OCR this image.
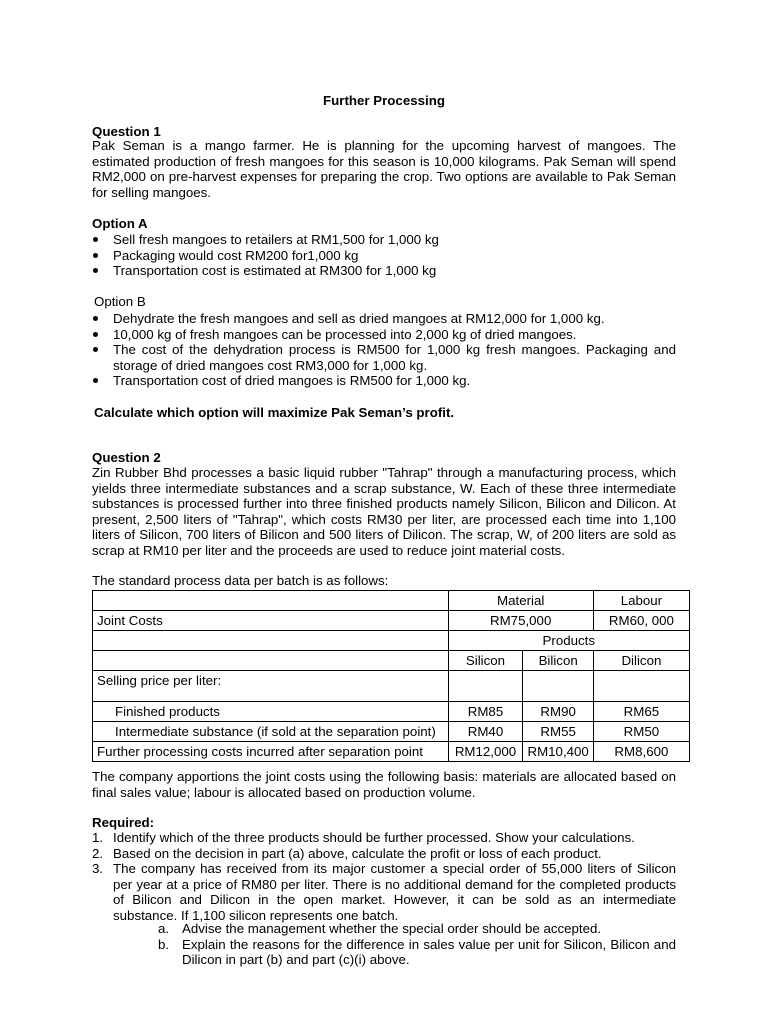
Further Processing
Question 1
Pak Seman is a mango farmer. He is planning for the upcoming harvest of mangoes. The estimated production of fresh mangoes for this season is 10,000 kilograms. Pak Seman will spend RM2,000 on pre-harvest expenses for preparing the crop. Two options are available to Pak Seman for selling mangoes.
Option A
Sell fresh mangoes to retailers at RM1,500 for 1,000 kg
Packaging would cost RM200 for1,000 kg
Transportation cost is estimated at RM300 for 1,000 kg
Option B
Dehydrate the fresh mangoes and sell as dried mangoes at RM12,000 for 1,000 kg.
10,000 kg of fresh mangoes can be processed into 2,000 kg of dried mangoes.
The cost of the dehydration process is RM500 for 1,000 kg fresh mangoes. Packaging and storage of dried mangoes cost RM3,000 for 1,000 kg.
Transportation cost of dried mangoes is RM500 for 1,000 kg.
Calculate which option will maximize Pak Seman’s profit.
Question 2
Zin Rubber Bhd processes a basic liquid rubber "Tahrap" through a manufacturing process, which yields three intermediate substances and a scrap substance, W. Each of these three intermediate substances is processed further into three finished products namely Silicon, Bilicon and Dilicon. At present, 2,500 liters of "Tahrap", which costs RM30 per liter, are processed each time into 1,100 liters of Silicon, 700 liters of Bilicon and 500 liters of Dilicon. The scrap, W, of 200 liters are sold as scrap at RM10 per liter and the proceeds are used to reduce joint material costs.
The standard process data per batch is as follows:
	Material		Labour
Joint Costs	RM75,000		RM60, 000
	Products		
	Silicon	Bilicon	Dilicon
Selling price per liter:			
Finished products	RM85	RM90	RM65
Intermediate substance (if sold at the separation point)	RM40	RM55	RM50
Further processing costs incurred after separation point	RM12,000	RM10,400	RM8,600
The company apportions the joint costs using the following basis: materials are allocated based on final sales value; labour is allocated based on production volume.
Required:
1. Identify which of the three products should be further processed. Show your calculations.
2. Based on the decision in part (a) above, calculate the profit or loss of each product.
3. The company has received from its major customer a special order of 55,000 liters of Silicon per year at a price of RM80 per liter. There is no additional demand for the completed products of Bilicon and Dilicon in the open market. However, it can be sold as an intermediate substance. If 1,100 silicon represents one batch.
a. Advise the management whether the special order should be accepted.
b. Explain the reasons for the difference in sales value per unit for Silicon, Bilicon and Dilicon in part (b) and part (c)(i) above.
